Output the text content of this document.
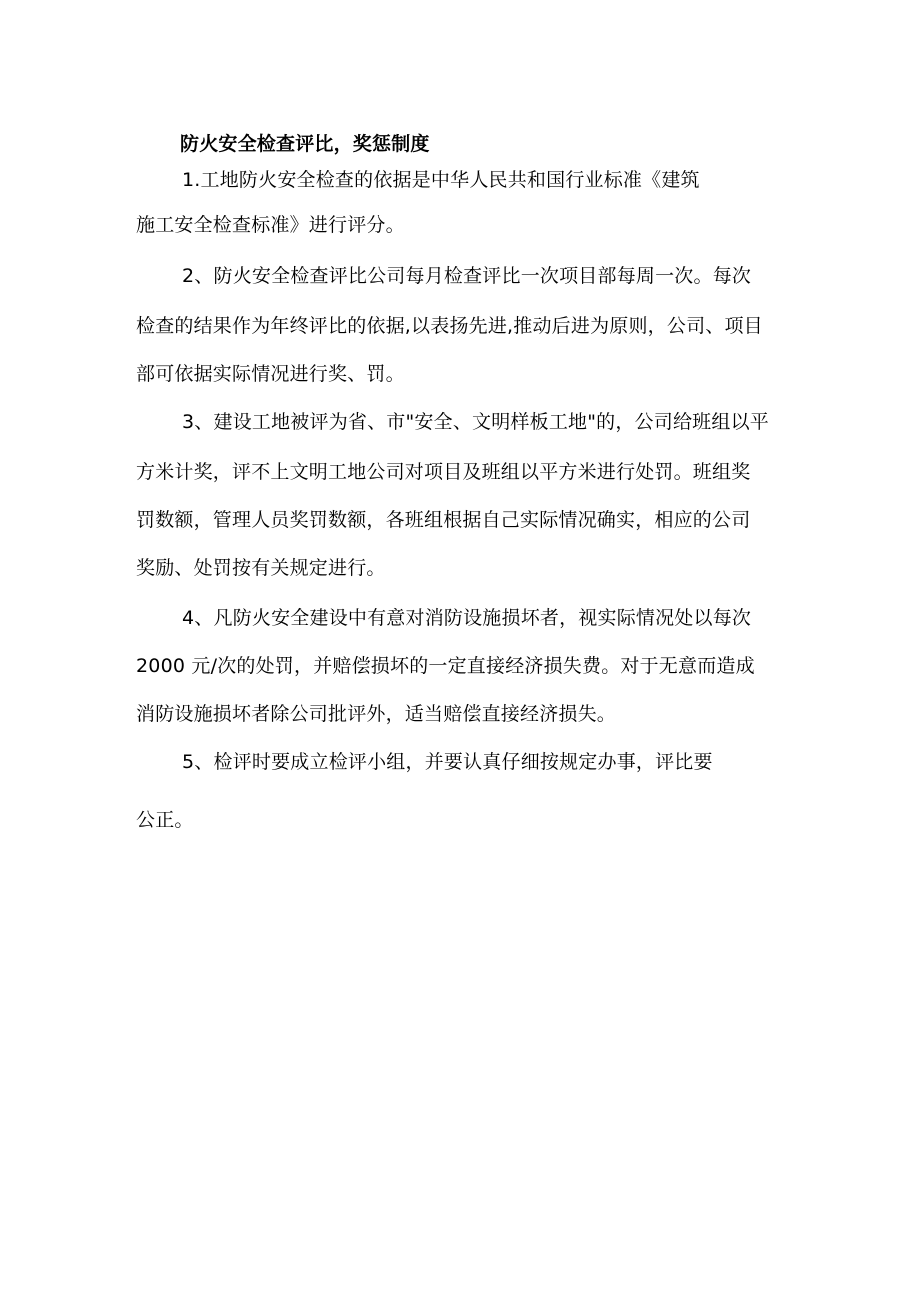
防火安全检查评比，奖惩制度
1.工地防火安全检查的依据是中华人民共和国行业标准《建筑
施工安全检查标准》进行评分。
2、防火安全检查评比公司每月检查评比一次项目部每周一次。每次
检查的结果作为年终评比的依据,以表扬先进,推动后进为原则，公司、项目
部可依据实际情况进行奖、罚。
3、建设工地被评为省、市"安全、文明样板工地"的，公司给班组以平
方米计奖，评不上文明工地公司对项目及班组以平方米进行处罚。班组奖
罚数额，管理人员奖罚数额，各班组根据自己实际情况确实，相应的公司
奖励、处罚按有关规定进行。
4、凡防火安全建设中有意对消防设施损坏者，视实际情况处以每次
2000 元/次的处罚，并赔偿损坏的一定直接经济损失费。对于无意而造成
消防设施损坏者除公司批评外，适当赔偿直接经济损失。
5、检评时要成立检评小组，并要认真仔细按规定办事，评比要
公正。
